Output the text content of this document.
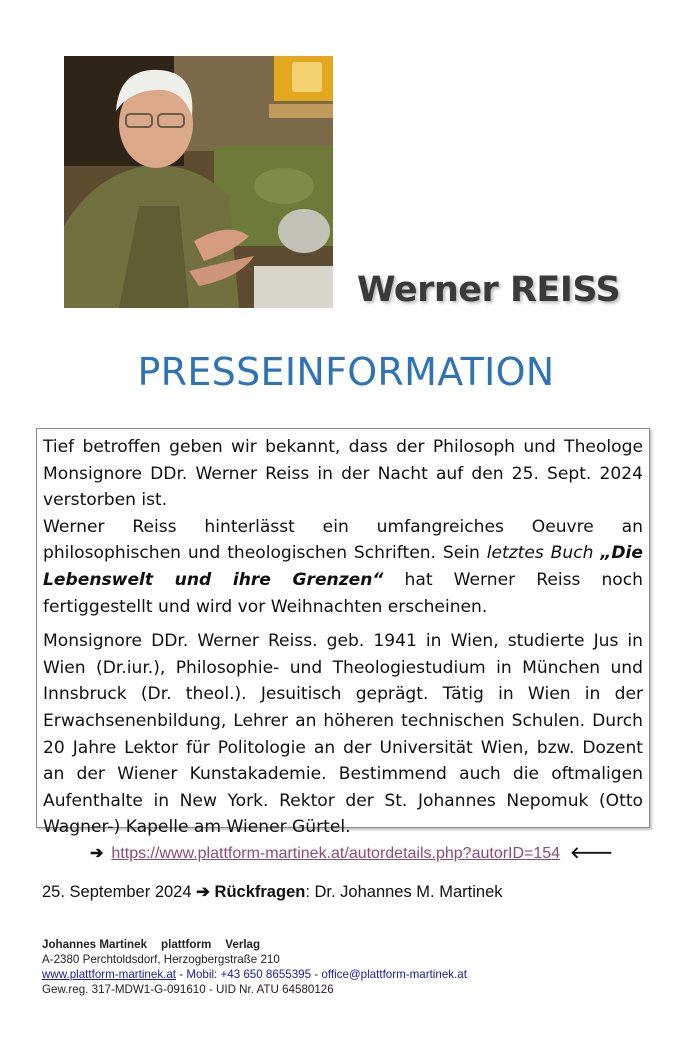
Werner REISS
PRESSEINFORMATION

Tief betroffen geben wir bekannt, dass der Philosoph und Theologe Monsignore DDr. Werner Reiss in der Nacht auf den 25. Sept. 2024 verstorben ist.

Werner Reiss hinterlässt ein umfangreiches Oeuvre an philosophischen und theologischen Schriften. Sein letztes Buch „Die Lebenswelt und ihre Grenzen“ hat Werner Reiss noch fertiggestellt und wird vor Weihnachten erscheinen.

Monsignore DDr. Werner Reiss. geb. 1941 in Wien, studierte Jus in Wien (Dr.iur.), Philosophie- und Theologiestudium in München und Innsbruck (Dr. theol.). Jesuitisch geprägt. Tätig in Wien in der Erwachsenenbildung, Lehrer an höheren technischen Schulen. Durch 20 Jahre Lektor für Politologie an der Universität Wien, bzw. Dozent an der Wiener Kunstakademie. Bestimmend auch die oftmaligen Aufenthalte in New York. Rektor der St. Johannes Nepomuk (Otto Wagner-) Kapelle am Wiener Gürtel.

➔ https://www.plattform-martinek.at/autordetails.php?autorID=154 🡐
25. September 2024 ➔ Rückfragen: Dr. Johannes M. Martinek
Johannes Martinek plattform Verlag
A-2380 Perchtoldsdorf, Herzogbergstraße 210
www.plattform-martinek.at - Mobil: +43 650 8655395 - office@plattform-martinek.at
Gew.reg. 317-MDW1-G-091610 - UID Nr. ATU 64580126
